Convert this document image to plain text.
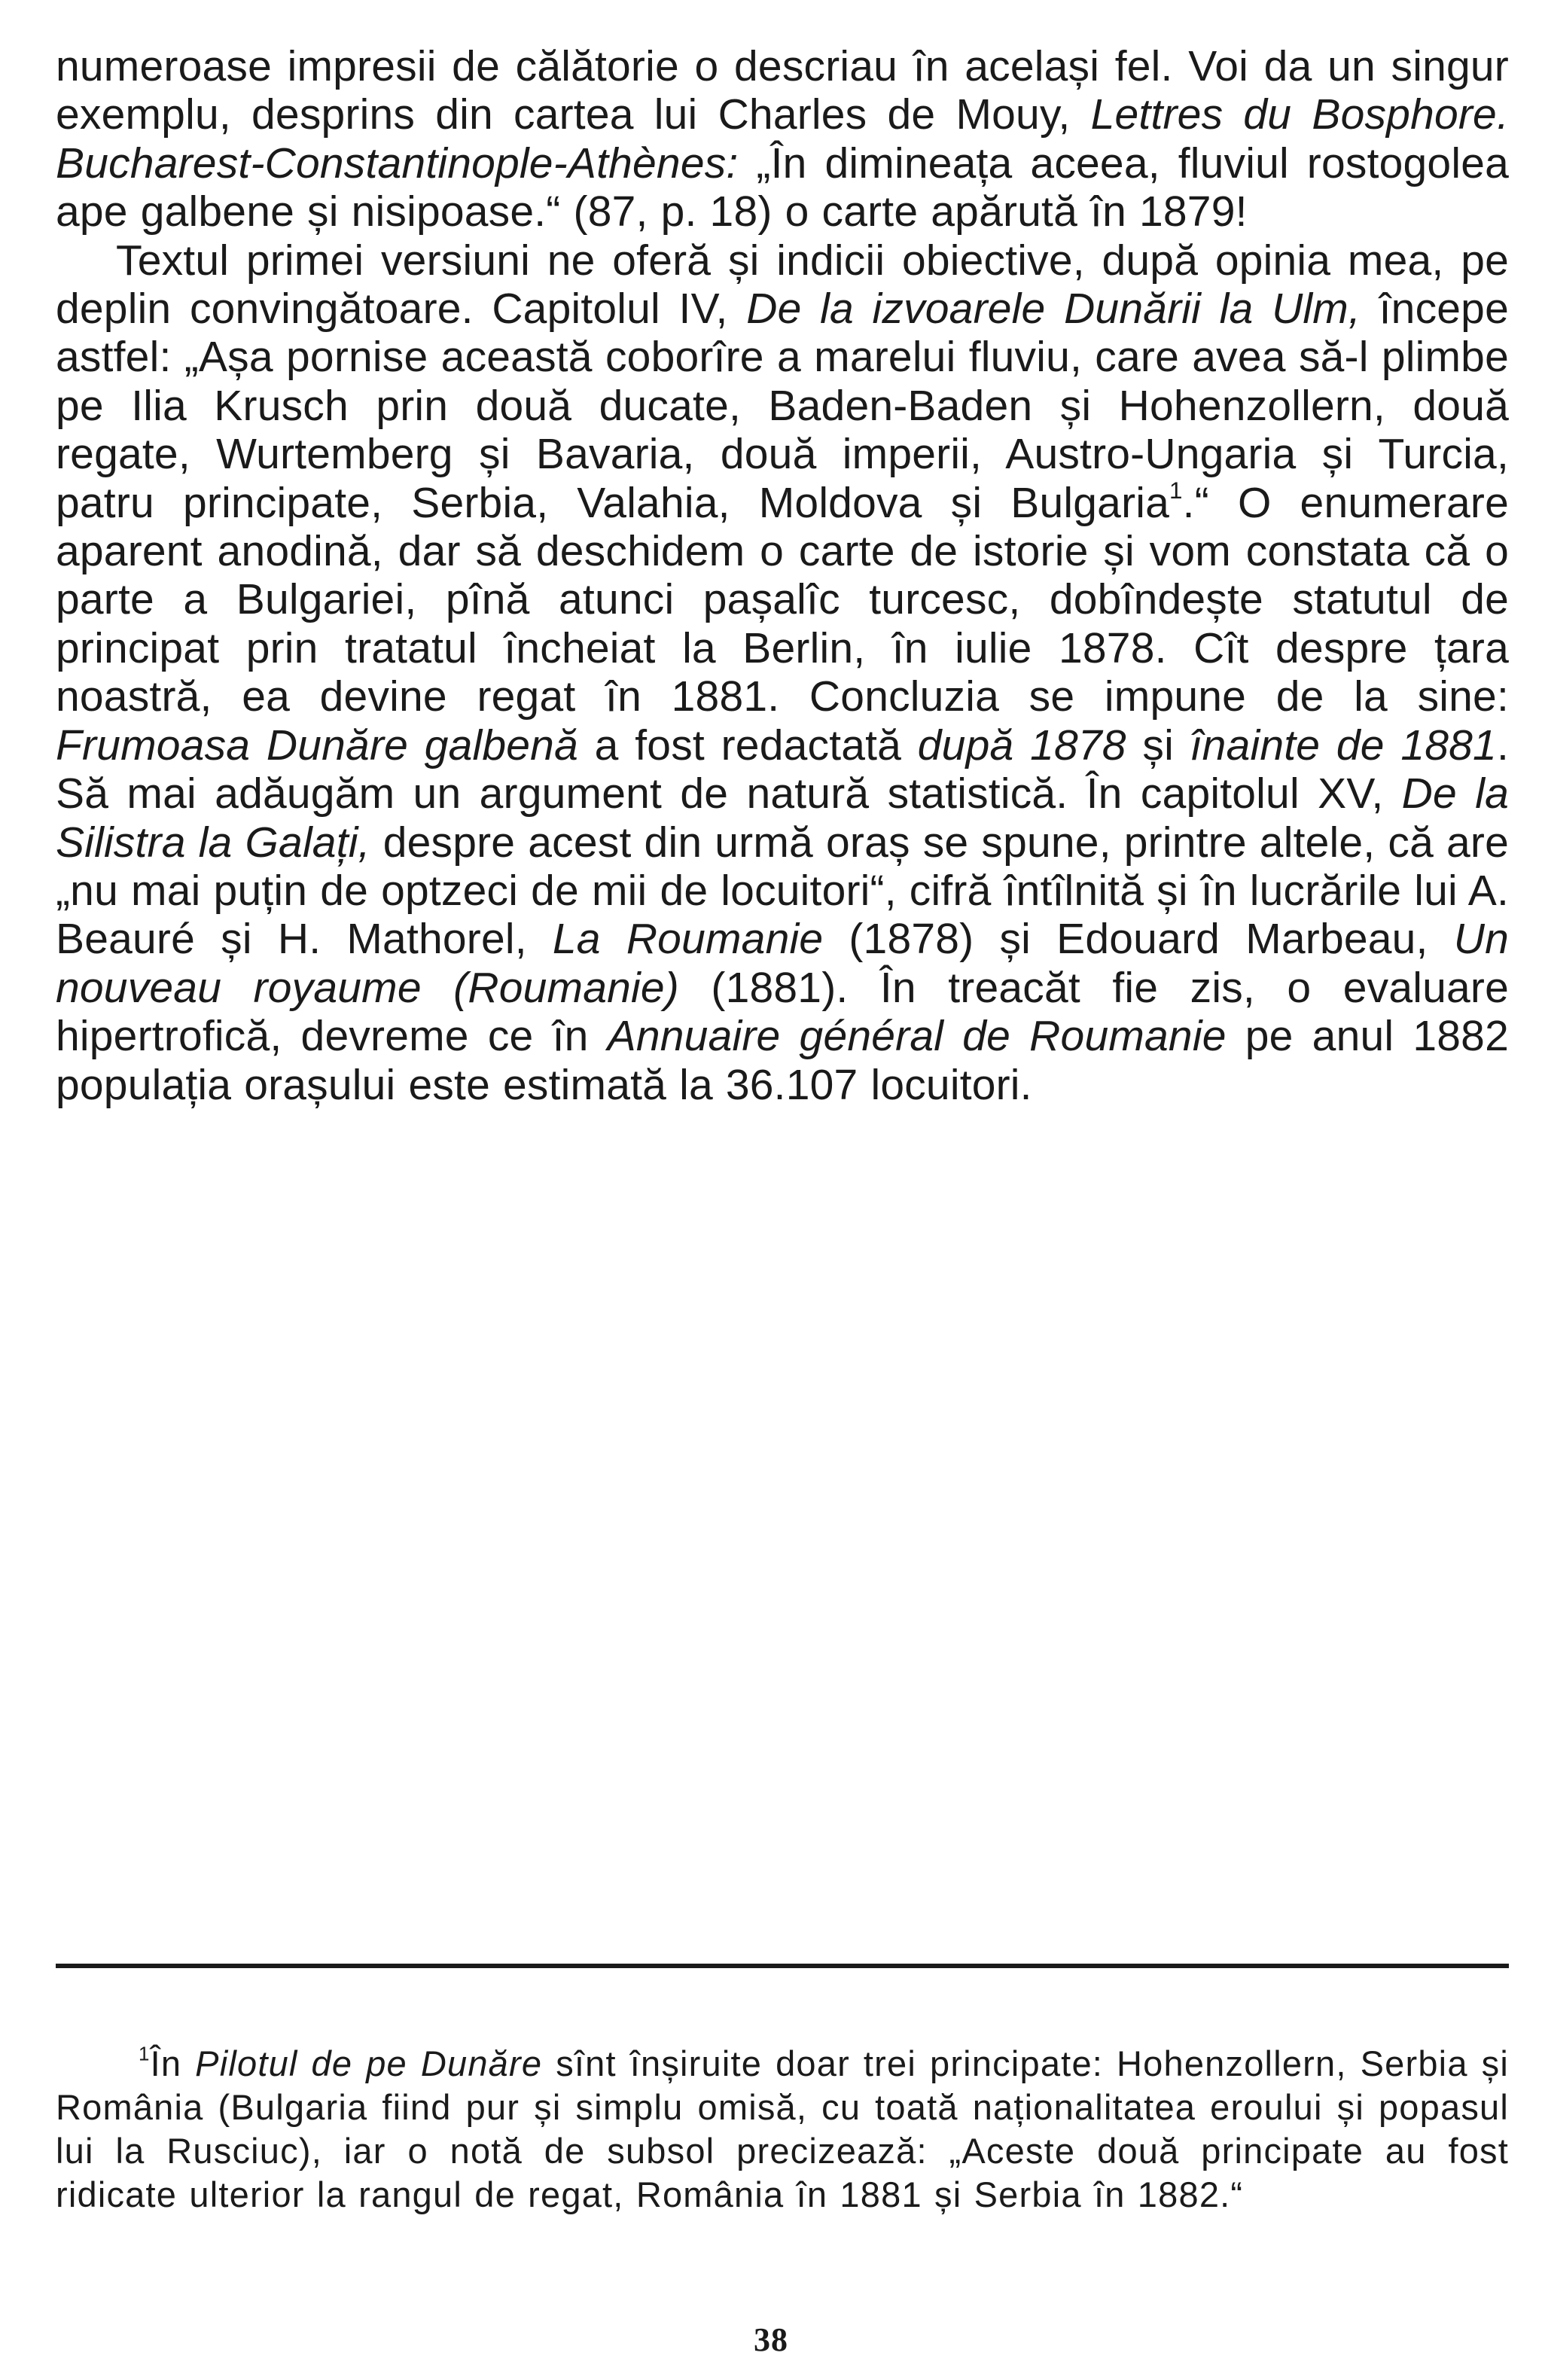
numeroase impresii de călătorie o descriau în același fel. Voi da un singur exemplu, desprins din cartea lui Charles de Mouy, Lettres du Bosphore. Bucharest-Constantinople-Athènes: „În dimineața aceea, fluviul rostogolea ape galbene și nisipoase.“ (87, p. 18) o carte apărută în 1879!

Textul primei versiuni ne oferă și indicii obiective, după opinia mea, pe deplin convingătoare. Capitolul IV, De la izvoarele Dunării la Ulm, începe astfel: „Așa pornise această coborîre a marelui fluviu, care avea să-l plimbe pe Ilia Krusch prin două ducate, Baden-Baden și Hohenzollern, două regate, Wurtemberg și Bavaria, două imperii, Austro-Ungaria și Turcia, patru principate, Serbia, Valahia, Moldova și Bulgaria$^1$.“ O enumerare aparent anodină, dar să deschidem o carte de istorie și vom constata că o parte a Bulgariei, pînă atunci pașalîc turcesc, dobîndește statutul de principat prin tratatul încheiat la Berlin, în iulie 1878. Cît despre țara noastră, ea devine regat în 1881. Concluzia se impune de la sine: Frumoasa Dunăre galbenă a fost redactată după 1878 și înainte de 1881. Să mai adăugăm un argument de natură statistică. În capitolul XV, De la Silistra la Galați, despre acest din urmă oraș se spune, printre altele, că are „nu mai puțin de optzeci de mii de locuitori“, cifră întîlnită și în lucrările lui A. Beauré și H. Mathorel, La Roumanie (1878) și Edouard Marbeau, Un nouveau royaume (Roumanie) (1881). În treacăt fie zis, o evaluare hipertrofică, devreme ce în Annuaire général de Roumanie pe anul 1882 populația orașului este estimată la 36.107 locuitori.

$^1$În Pilotul de pe Dunăre sînt înșiruite doar trei principate: Hohenzollern, Serbia și România (Bulgaria fiind pur și simplu omisă, cu toată naționalitatea eroului și popasul lui la Rusciuc), iar o notă de subsol precizează: „Aceste două principate au fost ridicate ulterior la rangul de regat, România în 1881 și Serbia în 1882.“

38
